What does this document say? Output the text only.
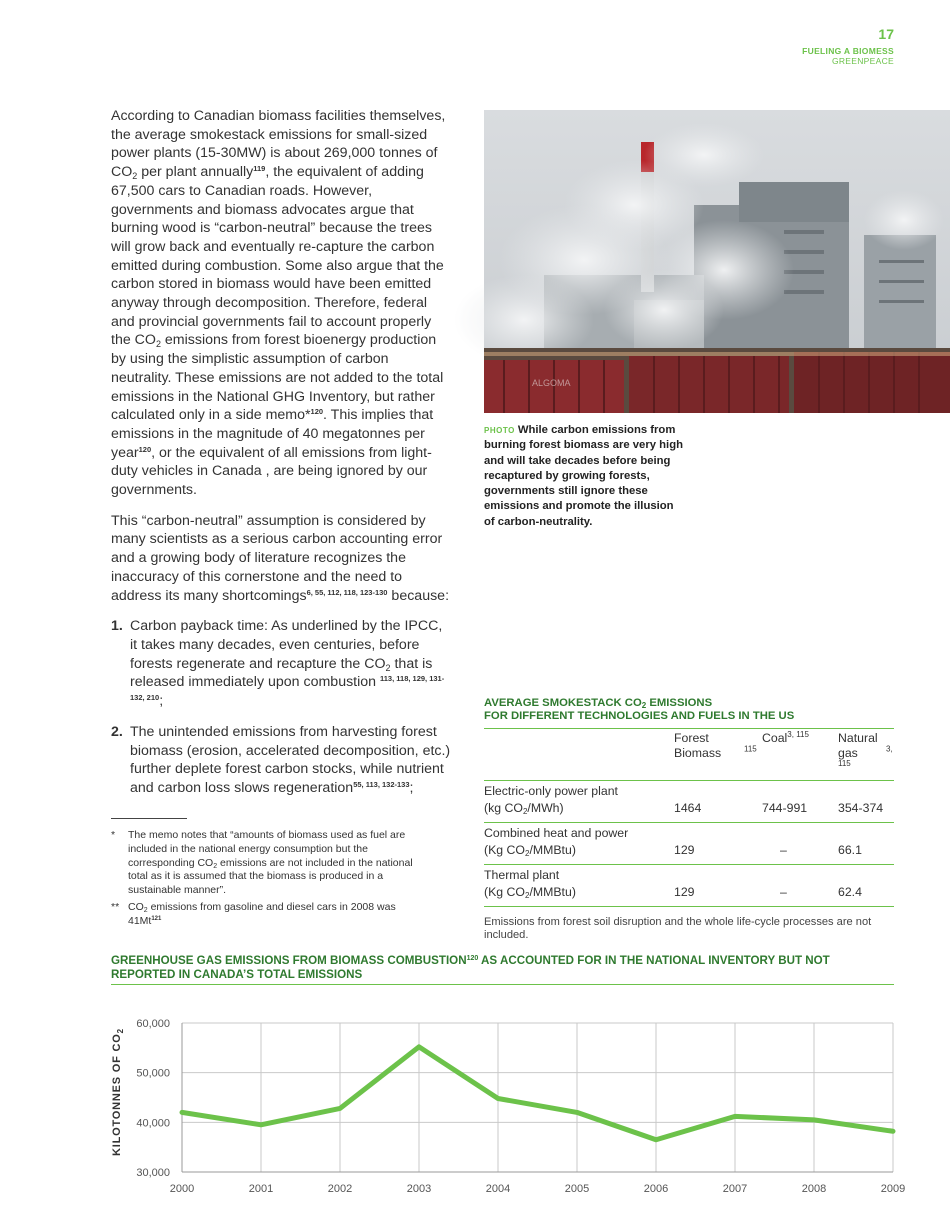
17
FUELING A BIOMESS
GREENPEACE

According to Canadian biomass facilities themselves, the average smokestack emissions for small-sized power plants (15-30MW) is about 269,000 tonnes of $CO_2$ per plant annually$^{119}$, the equivalent of adding 67,500 cars to Canadian roads. However, governments and biomass advocates argue that burning wood is “carbon-neutral” because the trees will grow back and eventually re-capture the carbon emitted during combustion. Some also argue that the carbon stored in biomass would have been emitted anyway through decomposition. Therefore, federal and provincial governments fail to account properly the $CO_2$ emissions from forest bioenergy production by using the simplistic assumption of carbon neutrality. These emissions are not added to the total emissions in the National GHG Inventory, but rather calculated only in a side memo*$^{120}$. This implies that emissions in the magnitude of 40 megatonnes per year$^{120}$, or the equivalent of all emissions from light-duty vehicles in Canada , are being ignored by our governments.

This “carbon-neutral” assumption is considered by many scientists as a serious carbon accounting error and a growing body of literature recognizes the inaccuracy of this cornerstone and the need to address its many shortcomings$^{6, 55, 112, 118, 123-130}$ because:

1. Carbon payback time: As underlined by the IPCC, it takes many decades, even centuries, before forests regenerate and recapture the $CO_2$ that is released immediately upon combustion $^{113, 118, 129, 131-132, 210}$;
2. The unintended emissions from harvesting forest biomass (erosion, accelerated decomposition, etc.) further deplete forest carbon stocks, while nutrient and carbon loss slows regeneration$^{55, 113, 132-133}$;
* The memo notes that “amounts of biomass used as fuel are included in the national energy consumption but the corresponding $CO_2$ emissions are not included in the national total as it is assumed that the biomass is produced in a sustainable manner”.
** $CO_2$ emissions from gasoline and diesel cars in 2008 was 41Mt$^{121}$
ALGOMA
PHOTO While carbon emissions from burning forest biomass are very high and will take decades before being recaptured by growing forests, governments still ignore these emissions and promote the illusion of carbon-neutrality.
AVERAGE SMOKESTACK $CO_2$ EMISSIONS
FOR DIFFERENT TECHNOLOGIES AND FUELS IN THE US
	Forest Biomass $^{115}$	Coal$^{3, 115}$	Natural gas $^{3, 115}$
Electric-only power plant
(kg $CO_2/MWh$)	1464	744-991	354-374
Combined heat and power
(Kg $CO_2/MMBtu$)	129	–	66.1
Thermal plant
(Kg $CO_2/MMBtu$)	129	–	62.4
Emissions from forest soil disruption and the whole life-cycle processes are not included.
GREENHOUSE GAS EMISSIONS FROM BIOMASS COMBUSTION$^{120}$ AS ACCOUNTED FOR IN THE NATIONAL INVENTORY BUT NOT REPORTED IN CANADA’S TOTAL EMISSIONS
30,000
40,000
50,000
60,000
2000	2001	2002	2003	2004	2005	2006	2007	2008	2009
KILOTONNES OF $CO_2$
